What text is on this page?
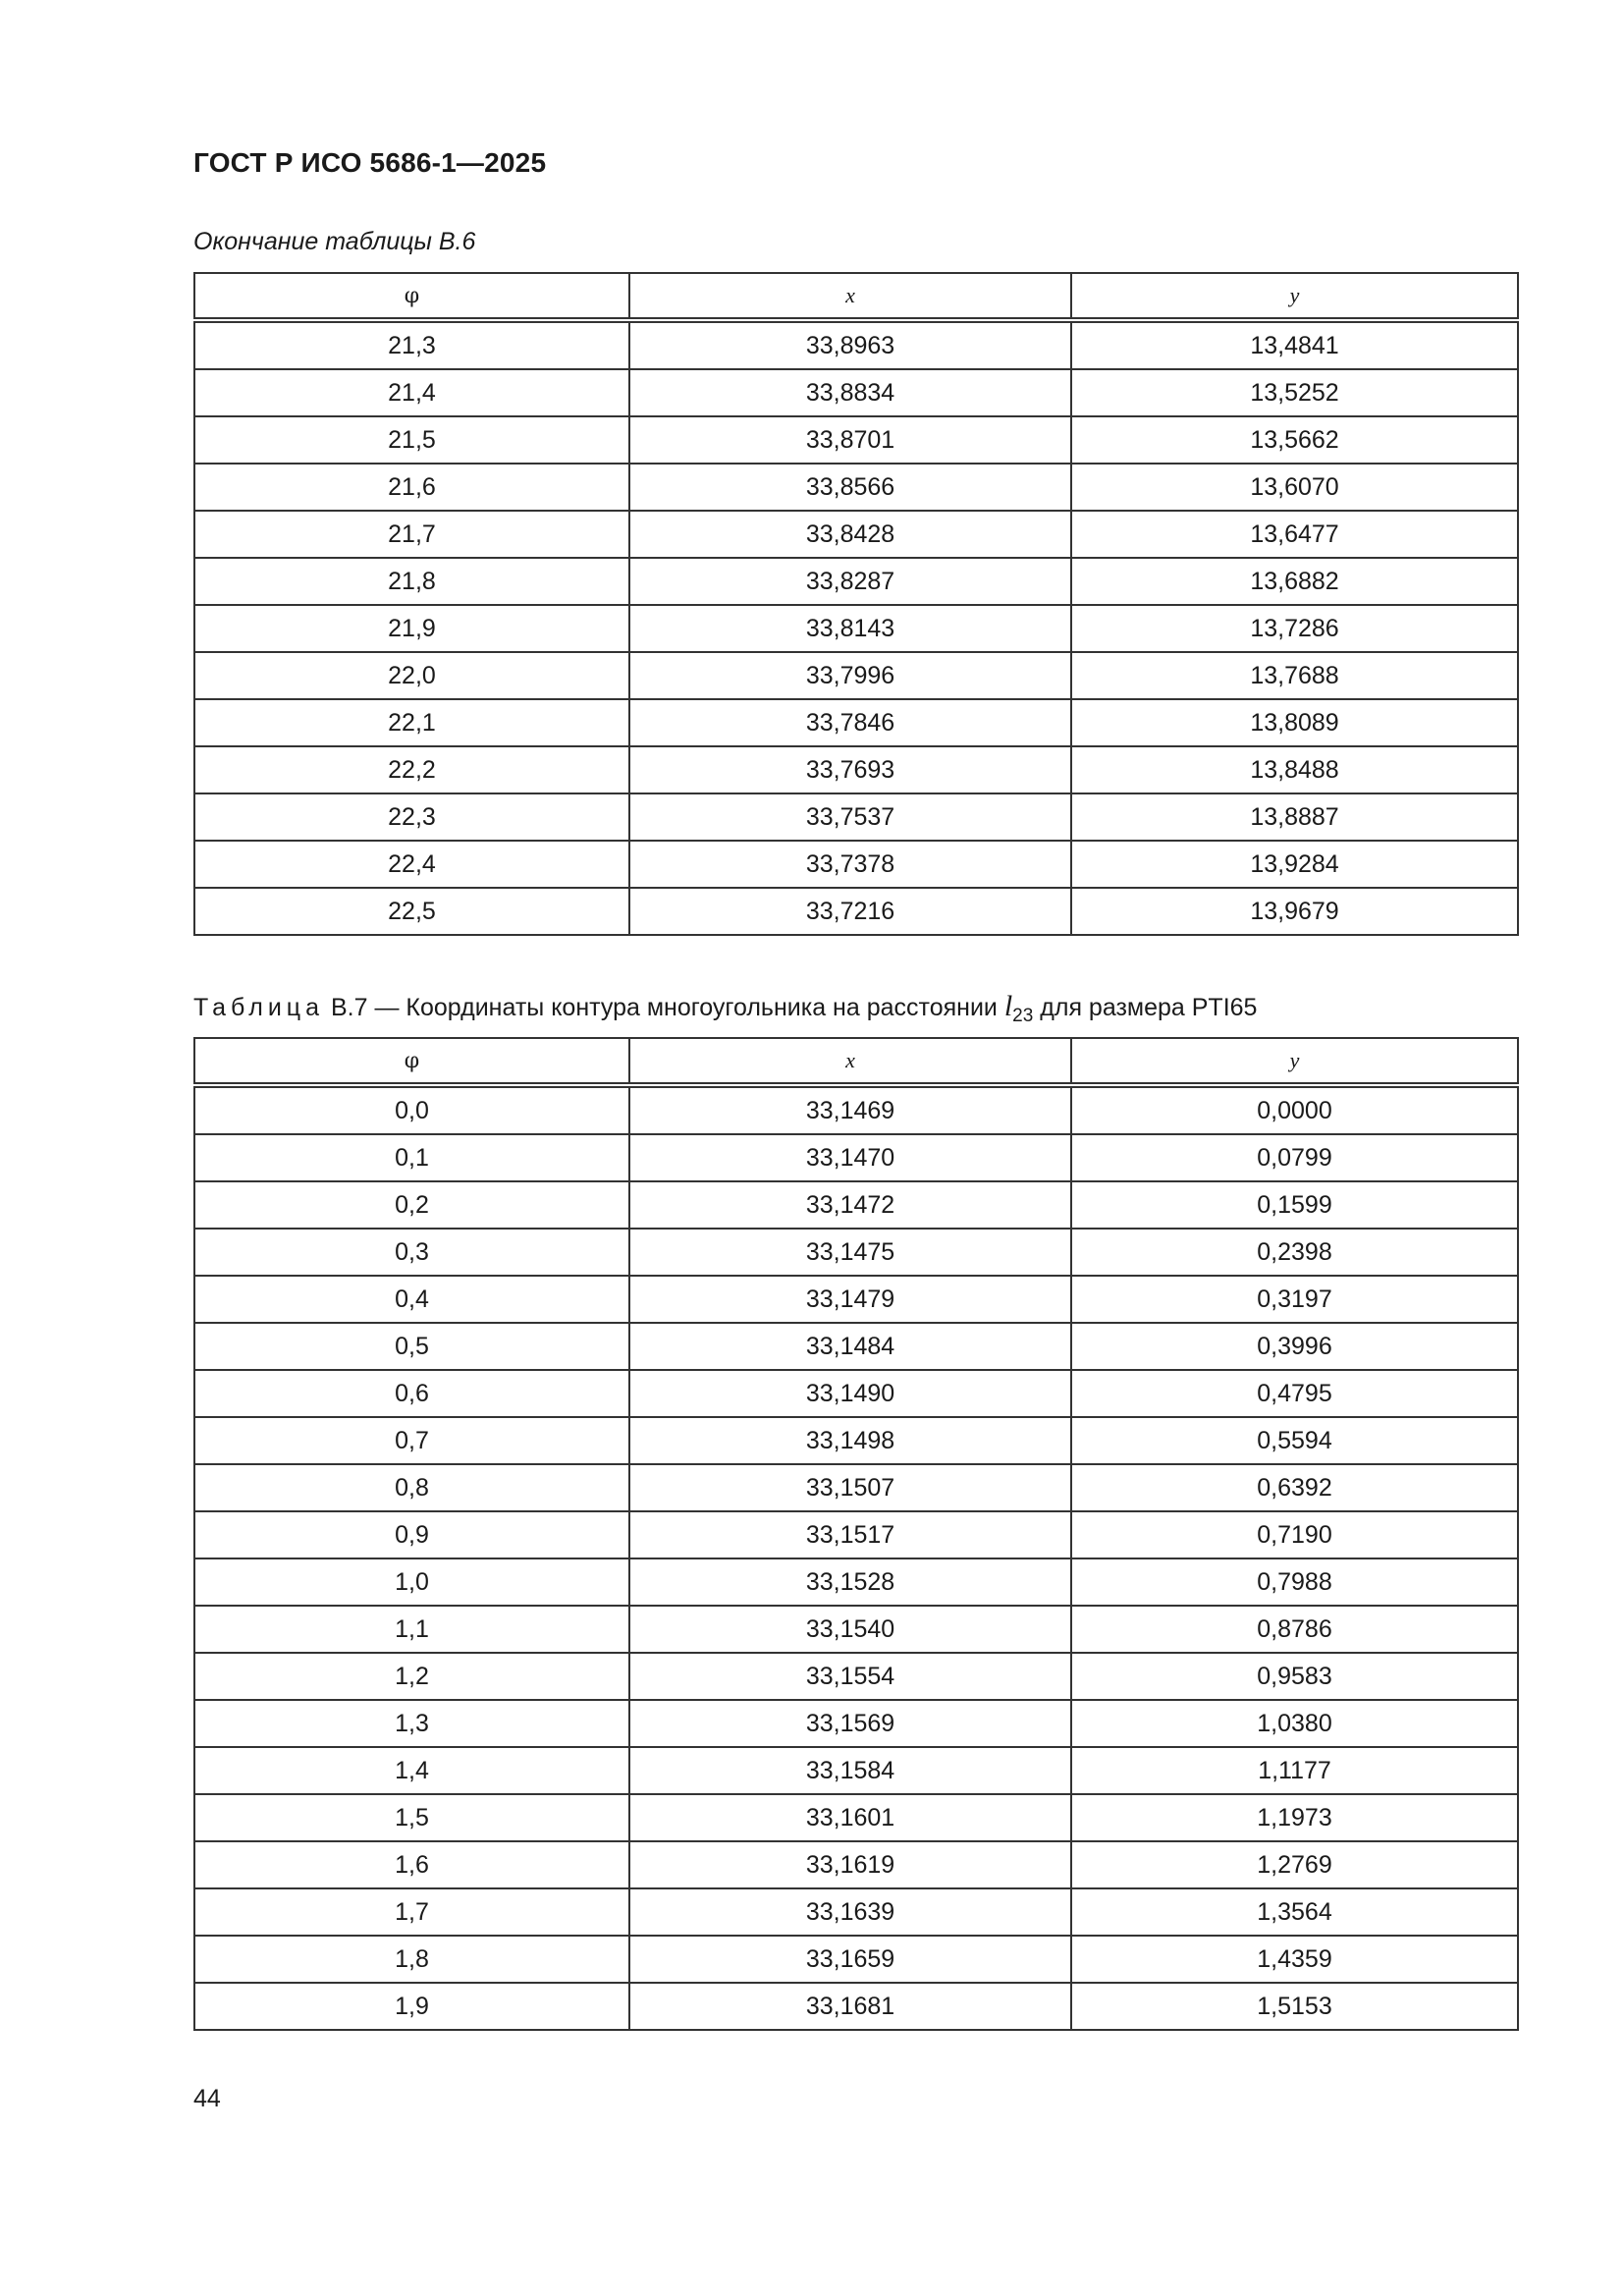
ГОСТ Р ИСО 5686-1—2025
Окончание таблицы В.6
φ	x	y
21,3	33,8963	13,4841
21,4	33,8834	13,5252
21,5	33,8701	13,5662
21,6	33,8566	13,6070
21,7	33,8428	13,6477
21,8	33,8287	13,6882
21,9	33,8143	13,7286
22,0	33,7996	13,7688
22,1	33,7846	13,8089
22,2	33,7693	13,8488
22,3	33,7537	13,8887
22,4	33,7378	13,9284
22,5	33,7216	13,9679
Таблица В.7 — Координаты контура многоугольника на расстоянии $l_{23}$ для размера PTI65
φ	x	y
0,0	33,1469	0,0000
0,1	33,1470	0,0799
0,2	33,1472	0,1599
0,3	33,1475	0,2398
0,4	33,1479	0,3197
0,5	33,1484	0,3996
0,6	33,1490	0,4795
0,7	33,1498	0,5594
0,8	33,1507	0,6392
0,9	33,1517	0,7190
1,0	33,1528	0,7988
1,1	33,1540	0,8786
1,2	33,1554	0,9583
1,3	33,1569	1,0380
1,4	33,1584	1,1177
1,5	33,1601	1,1973
1,6	33,1619	1,2769
1,7	33,1639	1,3564
1,8	33,1659	1,4359
1,9	33,1681	1,5153
44
